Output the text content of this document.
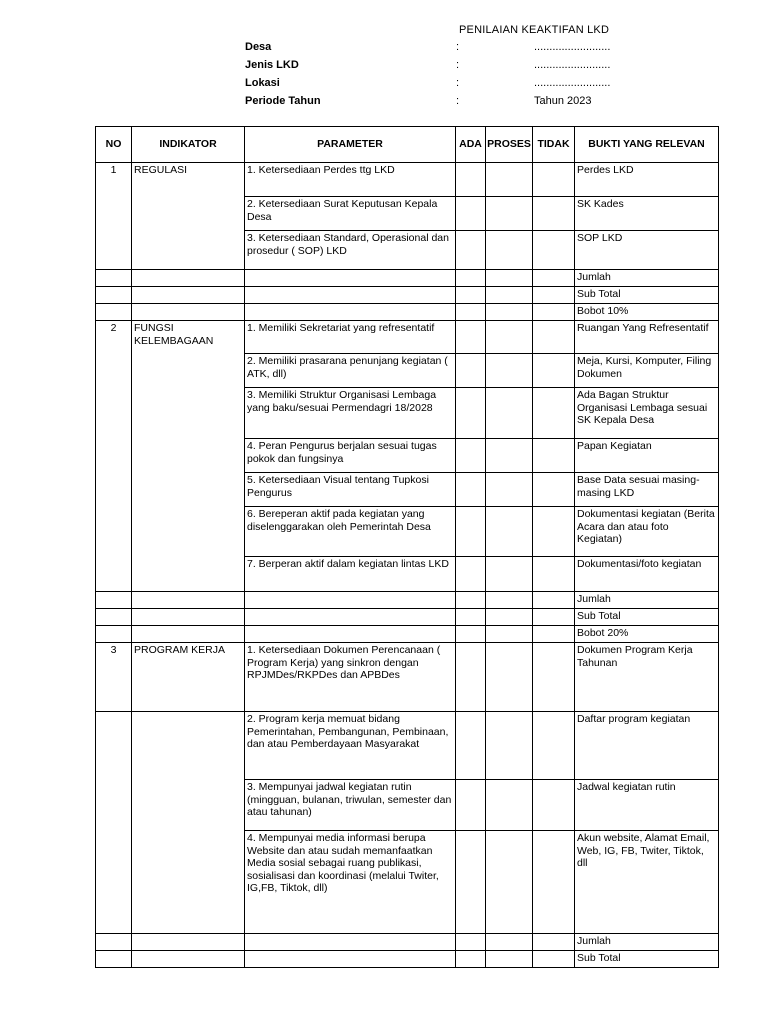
PENILAIAN KEAKTIFAN LKD
Desa	:	.........................
Jenis LKD	:	.........................
Lokasi	:	.........................
Periode Tahun	:	Tahun 2023
NO	INDIKATOR	PARAMETER	ADA	PROSES	TIDAK	BUKTI YANG RELEVAN
1	REGULASI	1. Ketersediaan Perdes ttg LKD				Perdes LKD
		2. Ketersediaan Surat Keputusan Kepala Desa				SK Kades
		3. Ketersediaan Standard, Operasional dan prosedur ( SOP) LKD				SOP LKD
						Jumlah
						Sub Total
						Bobot 10%
2	FUNGSI KELEMBAGAAN	1. Memiliki Sekretariat yang refresentatif				Ruangan Yang Refresentatif
		2. Memiliki prasarana penunjang kegiatan ( ATK, dll)				Meja, Kursi, Komputer, Filing Dokumen
		3. Memiliki Struktur Organisasi Lembaga yang baku/sesuai Permendagri 18/2028				Ada Bagan Struktur Organisasi Lembaga sesuai SK Kepala Desa
		4. Peran Pengurus berjalan sesuai tugas pokok dan fungsinya				Papan Kegiatan
		5. Ketersediaan Visual tentang Tupkosi Pengurus				Base Data sesuai masing-masing LKD
		6. Bereperan aktif pada kegiatan yang diselenggarakan oleh Pemerintah Desa				Dokumentasi kegiatan (Berita Acara dan atau foto Kegiatan)
		7. Berperan aktif dalam kegiatan lintas LKD				Dokumentasi/foto kegiatan
						Jumlah
						Sub Total
						Bobot 20%
3	PROGRAM KERJA	1. Ketersediaan Dokumen Perencanaan ( Program Kerja) yang sinkron dengan RPJMDes/RKPDes dan APBDes				Dokumen Program Kerja Tahunan
		2. Program kerja memuat bidang Pemerintahan, Pembangunan, Pembinaan, dan atau Pemberdayaan Masyarakat				Daftar program kegiatan
		3. Mempunyai jadwal kegiatan rutin (mingguan, bulanan, triwulan, semester dan atau tahunan)				Jadwal kegiatan rutin
		4. Mempunyai media informasi berupa Website dan atau sudah memanfaatkan Media sosial sebagai ruang publikasi, sosialisasi dan koordinasi (melalui Twiter, IG,FB, Tiktok, dll)				Akun website, Alamat Email, Web, IG, FB, Twiter, Tiktok, dll
						Jumlah
						Sub Total
